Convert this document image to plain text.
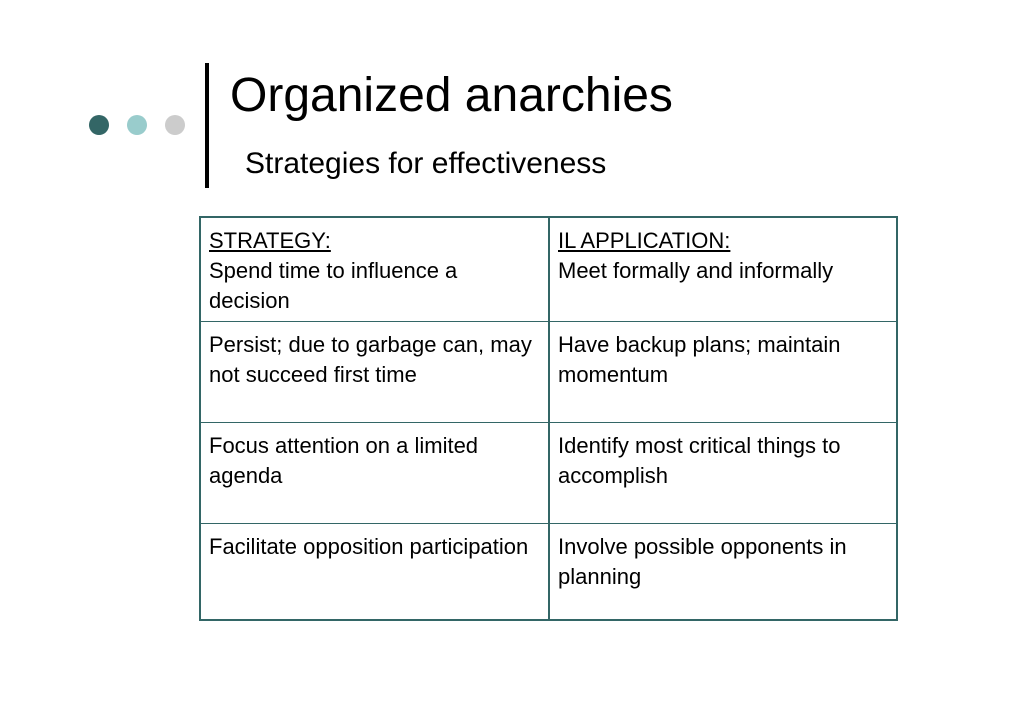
Organized anarchies
Strategies for effectiveness
STRATEGY:
Spend time to influence a decision
IL APPLICATION:
Meet formally and informally
Persist; due to garbage can, may not succeed first time
Have backup plans; maintain momentum
Focus attention on a limited agenda
Identify most critical things to accomplish
Facilitate opposition participation	Involve possible opponents in planning
